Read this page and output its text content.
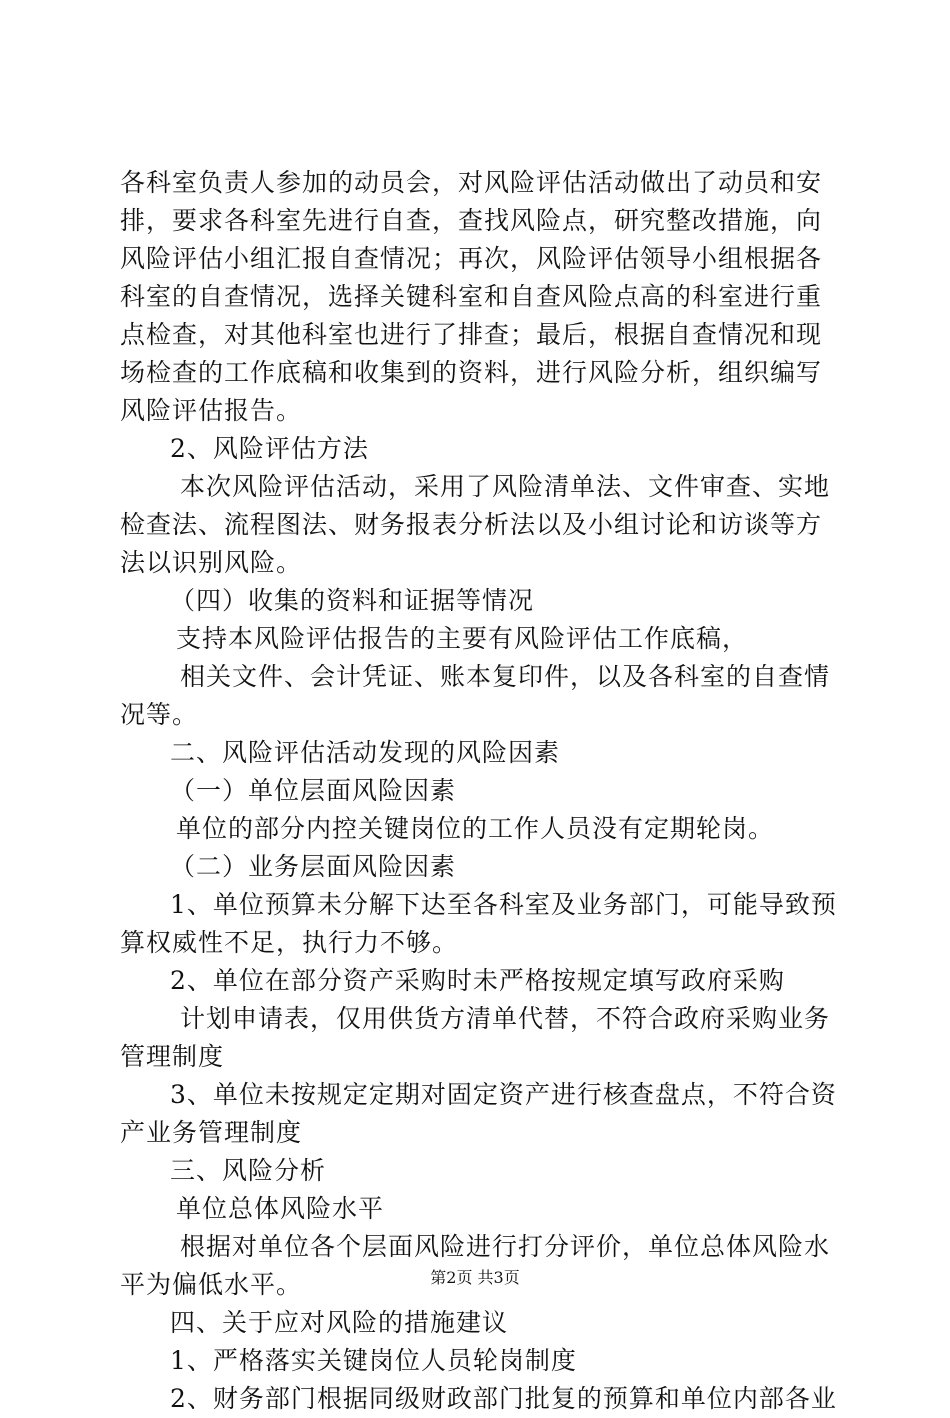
各科室负责人参加的动员会，对风险评估活动做出了动员和安
排，要求各科室先进行自查，查找风险点，研究整改措施，向
风险评估小组汇报自查情况；再次，风险评估领导小组根据各
科室的自查情况，选择关键科室和自查风险点高的科室进行重
点检查，对其他科室也进行了排查；最后，根据自查情况和现
场检查的工作底稿和收集到的资料，进行风险分析，组织编写
风险评估报告。
2、风险评估方法
本次风险评估活动，采用了风险清单法、文件审查、实地
检查法、流程图法、财务报表分析法以及小组讨论和访谈等方
法以识别风险。
（四）收集的资料和证据等情况
支持本风险评估报告的主要有风险评估工作底稿，
相关文件、会计凭证、账本复印件，以及各科室的自查情
况等。
二、风险评估活动发现的风险因素
（一）单位层面风险因素
单位的部分内控关键岗位的工作人员没有定期轮岗。
（二）业务层面风险因素
1、单位预算未分解下达至各科室及业务部门，可能导致预
算权威性不足，执行力不够。
2、单位在部分资产采购时未严格按规定填写政府采购
计划申请表，仅用供货方清单代替，不符合政府采购业务
管理制度
3、单位未按规定定期对固定资产进行核查盘点，不符合资
产业务管理制度
三、风险分析
单位总体风险水平
根据对单位各个层面风险进行打分评价，单位总体风险水
平为偏低水平。
四、关于应对风险的措施建议
1、严格落实关键岗位人员轮岗制度
2、财务部门根据同级财政部门批复的预算和单位内部各业
第2页 共3页
